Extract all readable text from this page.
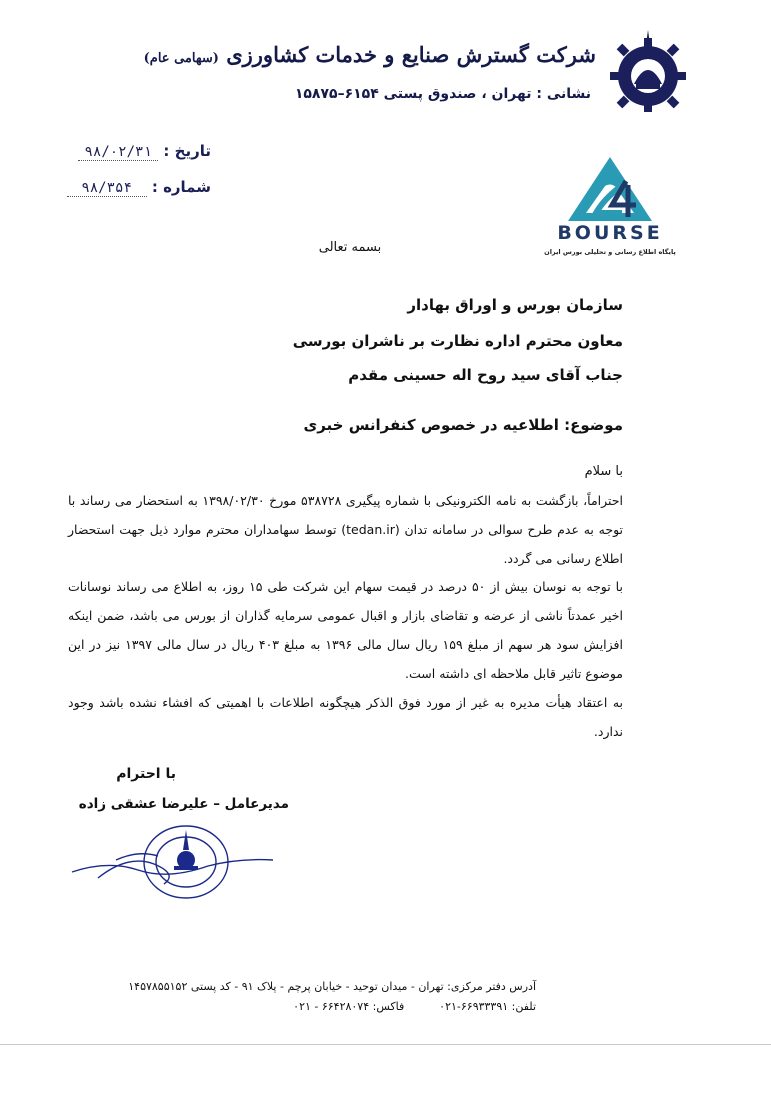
شرکت گسترش صنایع و خدمات کشاورزی (سهامی عام)
نشانی : تهران ، صندوق پستی ۶۱۵۴–۱۵۸۷۵
تاریخ : ۹۸/۰۲/۳۱
شماره : ۹۸/۳۵۴
BOURSE
پایگاه اطلاع رسانی و تحلیلی بورس ایران
بسمه تعالی
سازمان بورس و اوراق بهادار
معاون محترم اداره نظارت بر ناشران بورسی
جناب آقای سید روح اله حسینی مقدم
موضوع: اطلاعیه در خصوص کنفرانس خبری
با سلام
احتراماً، بازگشت به نامه الکترونیکی با شماره پیگیری ۵۳۸۷۲۸ مورخ ۱۳۹۸/۰۲/۳۰ به استحضار می رساند با توجه به عدم طرح سوالی در سامانه تدان (tedan.ir) توسط سهامداران محترم موارد ذیل جهت استحضار اطلاع رسانی می گردد.
با توجه به نوسان بیش از ۵۰ درصد در قیمت سهام این شرکت طی ۱۵ روز، به اطلاع می رساند نوسانات اخیر عمدتاً ناشی از عرضه و تقاضای بازار و اقبال عمومی سرمایه گذاران از بورس می باشد، ضمن اینکه افزایش سود هر سهم از مبلغ ۱۵۹ ریال سال مالی ۱۳۹۶ به مبلغ ۴۰۳ ریال در سال مالی ۱۳۹۷ نیز در این موضوع تاثیر قابل ملاحظه ای داشته است.
به اعتقاد هیأت مدیره به غیر از مورد فوق الذکر هیچگونه اطلاعات با اهمیتی که افشاء نشده باشد وجود ندارد.
با احترام
مدیرعامل – علیرضا عشقی زاده
آدرس دفتر مرکزی: تهران - میدان توحید - خیابان پرچم - پلاک ۹۱ - کد پستی ۱۴۵۷۸۵۵۱۵۲
تلفن: ۶۶۹۳۳۳۹۱-۰۲۱          فاکس: ۶۶۴۲۸۰۷۴ - ۰۲۱
